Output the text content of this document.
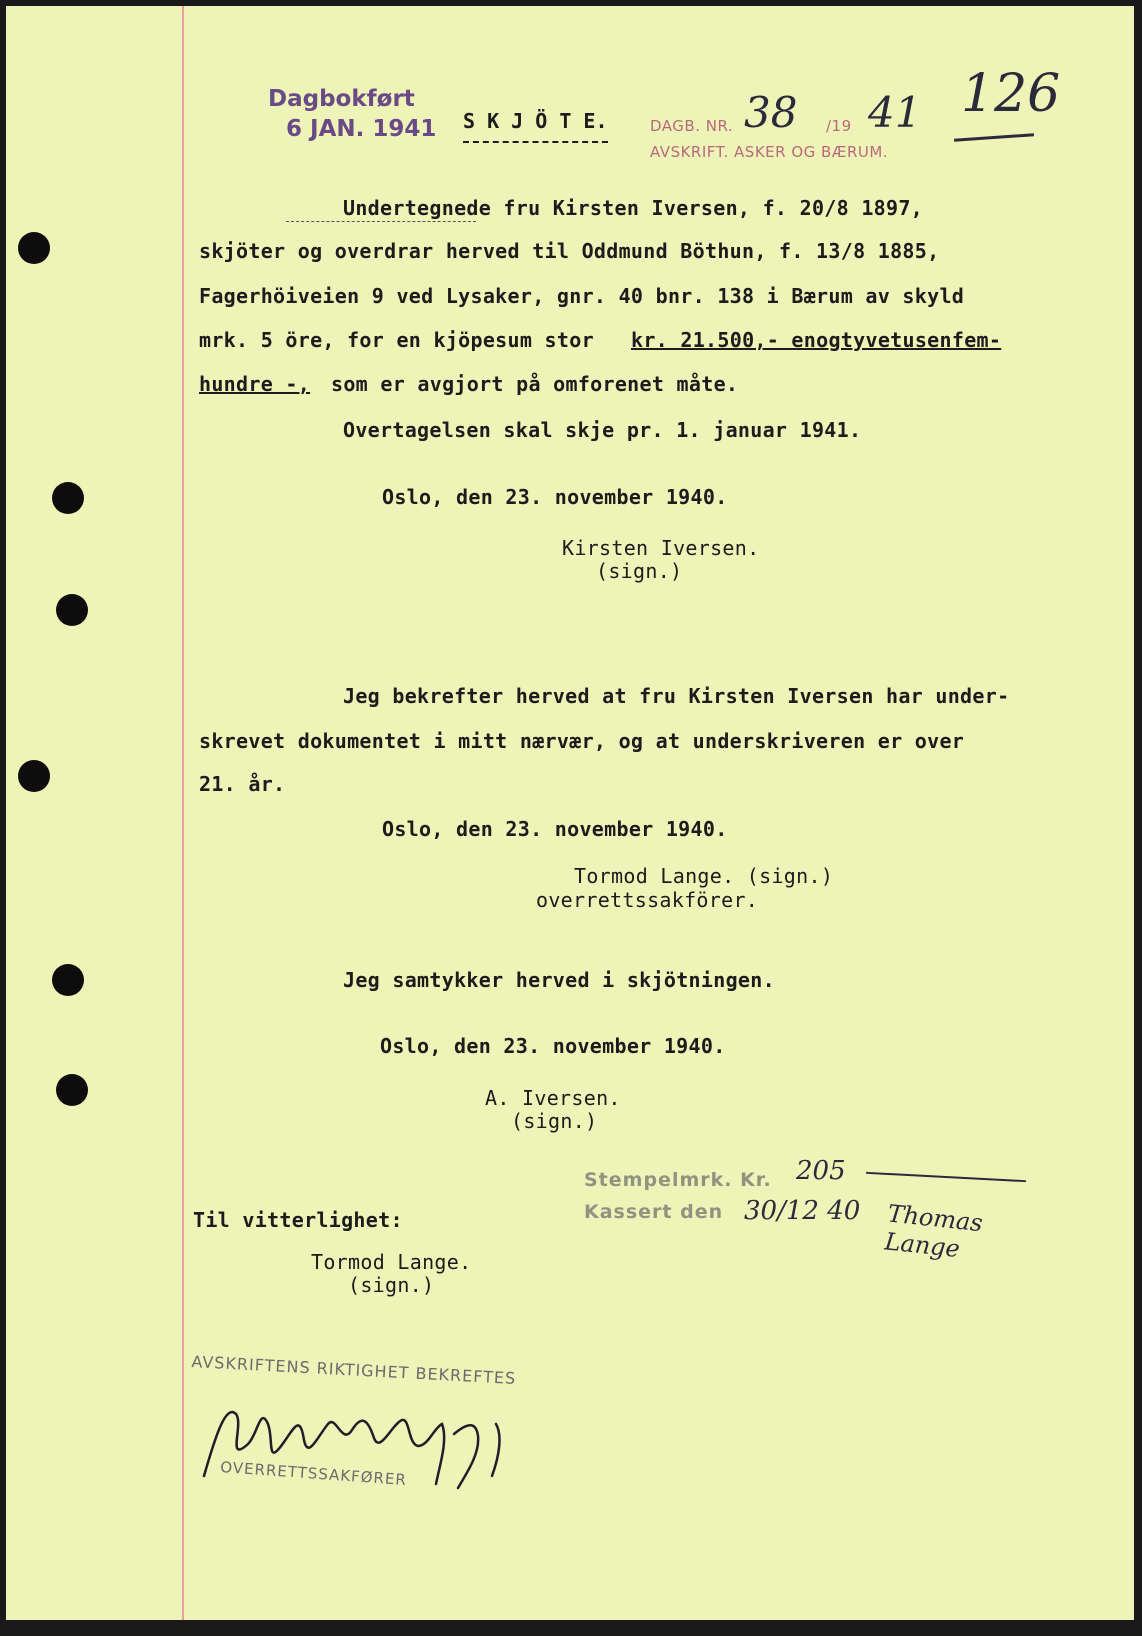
Dagbokført
6 JAN. 1941 S K J Ö T E.	DAGB. NR. 38 /19 41
AVSKRIFT. ASKER OG BÆRUM.
126
Undertegnede fru Kirsten Iversen, f. 20/8 1897,
skjöter og overdrar herved til Oddmund Böthun, f. 13/8 1885,
Fagerhöiveien 9 ved Lysaker, gnr. 40 bnr. 138 i Bærum av skyld
mrk. 5 öre, for en kjöpesum stor kr. 21.500,- enogtyvetusenfem-
hundre -, som er avgjort på omforenet måte.
Overtagelsen skal skje pr. 1. januar 1941.
Oslo, den 23. november 1940.
Kirsten Iversen.
(sign.)
Jeg bekrefter herved at fru Kirsten Iversen har under-
skrevet dokumentet i mitt nærvær, og at underskriveren er over
21. år.
Oslo, den 23. november 1940.
Tormod Lange. (sign.)
overrettssakförer.
Jeg samtykker herved i skjötningen.
Oslo, den 23. november 1940.
A. Iversen.
(sign.)
Stempelmrk. Kr. 205
Kassert den 30/12 40 Thomas Lange
Til vitterlighet:
Tormod Lange.
(sign.)
AVSKRIFTENS RIKTIGHET BEKREFTES
OVERRETTSSAKFØRER
